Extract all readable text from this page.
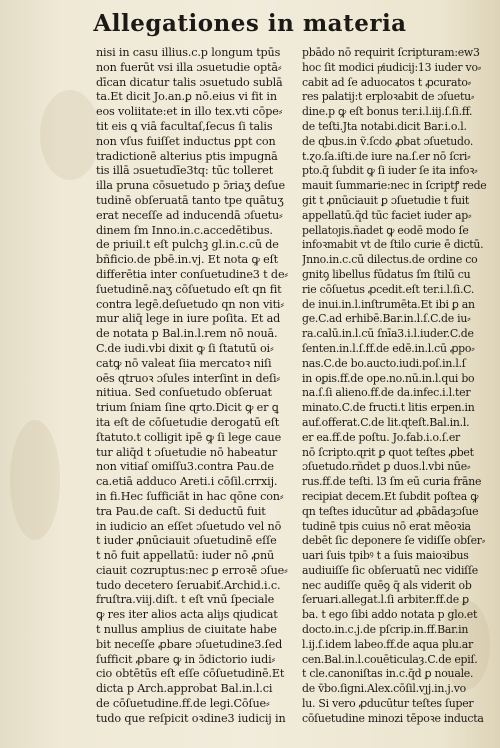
Allegationes in materia
nisi in casu illius.c.p longum tpūs
non fuerūt vsi illa ɔsuetudie optā⸗
dīcan dicatur talis ɔsuetudo sublā
ta.Et dicit Jo.an.ꝑ nō.eius vi fit in
eos voliitate:et in illo tex.vti cōpe⸗
tit eis ꝗ viā facultaſ,ſecus ſi talis
non vſus fuiſſet inductus ꝑpt con
tradictionē alterius ptis impugnā
tis illā ɔsuetudīe3tq: tūc tolleret
illa pruna cōsuetudo p ɔ̄riaʒ deſue
tudinē obſeruatā tanto tpe quātuʒ
erat neceſſe ad inducendā ɔſuetu⸗
dinem ſm Inno.in.c.accedētibus.
de priuil.t eſt pulchꝫ gl.in.c.cū de
bñficio.de pbē.in.vj. Et nota ꝙ eſt
differētia inter conſuetudine3 t de⸗
ſuetudinē.naʒ cōſuetudo eſt qn fit
contra legē.deſuetudo qn non viti⸗
mur aliq̄ lege in iure poſita. Et ad
de notata p Bal.in.l.rem nō nouā.
C.de iudi.vbi dixit ꝙ ſi ſtatutū oi⸗
catꝙ nō valeat ſiia mercatoꝛ niſi
oēs ɋtruoꝛ ɔſules interſint in deſi⸗
nitiua. Sed conſuetudo obſeruat
trium ſniam ſine ɋrto.Dicit ꝙ er ꝗ
ita eſt de cōſuetudie derogatū eſt
ſtatuto.t colligit ipē ꝙ ſi lege caue
tur aliq̄d t ɔſuetudie nō habeatur
non vitiaſ omiſſu3.contra Pau.de
ca.etiā adduco Areti.i cōſil.crrxij.
in fi.Hec ſufficiāt in hac qōne con⸗
tra Pau.de caſt. Si deductū fuit
in iudicio an eſſet ɔſuetudo vel nō
t iuder ꝓnūciauit ɔſuetudinē eſſe
t nō fuit appellatū: iuder nō ꝓnū
ciauit cozruptus:nec ꝑ erroꝛē ɔſue⸗
tudo decetero ſeruabiť.Archid.i.c.
fruſtra.viij.diſt. t eſt vnū ſpeciale
ꝙ res iter alios acta aliȷs ɋiudicat
t nullus amplius de ciuitate habe
bit neceſſe ꝓbare ɔſuetudine3.ſed
ſufficit ꝓbare ꝙ in ɔ̄dictorio iudi⸗
cio obtētūs eſt eſſe cōſuetudinē.Et
dicta p Arch.approbat Bal.in.l.ci
de cōſuetudine.ff.de legi.Cōſue⸗
tudo que reſpicit oꝛdine3 iudicij in
pbādo nō requirit ſcripturam:ew3
hoc ſit modici pͥiudicij:13 iuder vo⸗
cabit ad ſe aduocatos t ꝓcurato⸗
res palatij:t erploꝛabit de ɔſuetu⸗
dine.p ꝙ eſt bonus ter.i.l.iij.ſ.ſi.ff.
de teſti.Jta notabi.dicit Bar.i.o.l.
de ɋbus.in ṽ.ſcdo ꝓbat ɔſuetudo.
t.ɀo.ſa.iſti.de iure na.ſ.er nō ſcri⸗
pto.q̄ ſubdit ꝙ ſi iuder ſe ita infoꝛ⸗
mauit ſummarie:nec in ſcriptꝭ rede
git t ꝓnūciauit ꝑ ɔſuetudie t fuit
appellatū.q̄d tūc faciet iuder ap⸗
pellatoȷis.ñadet ꝙ eodē modo ſe
infoꝛmabit vt de ſtilo curie ē dictū.
Jnno.in.c.cū dilectus.de ordine co
gnitꝯ libellus fūdatus ſm ſtilū cu
rie cōſuetus ꝓcedit.eſt ter.i.l.ſi.C.
de inui.in.l.inſtrumēta.Et ibi ꝑ an
ge.C.ad erhibē.Bar.in.l.ſ.C.de iu⸗
ra.calū.in.l.cū ſnīa3.i.l.iuder.C.de
ſenten.in.l.ſ.ff.de edē.in.l.cū ꝓpo⸗
nas.C.de bo.aucto.iudi.poſ.in.l.ſ
in oꝑis.ff.de ope.no.nū.in.l.qui bo
na.ſ.ſi alieno.ff.de da.infec.i.l.ter
minato.C.de fructi.t litis erpen.in
auf.offerat.C.de lit.ɋteſt.Bal.in.l.
er ea.ff.de poſtu. Jo.fab.i.o.ſ.er
nō ſcripto.ɋrit ꝑ quot teſtes ꝓbet
ɔſuetudo.rñdet ꝑ duos.l.vbi nūe⸗
rus.ff.de teſti. l3 ſm eū curia frāne
recipiat decem.Et ſubdit poſtea ꝙ
qn teſtes iducūtur ad ꝓbādaȝɔſue
tudinē tpis cuius nō erat mēoꝛia
debēt ſic deponere ſe vidiſſe obſer⸗
uari ſuis tpibꝰ t a ſuis maioꝛibus
audiuiſſe ſic obſeruatū nec vidiſſe
nec audiſſe quēꝯ q̄ als viderit ob
ſeruari.allegat.l.ſi arbiter.ff.de ꝑ
ba. t ego ſibi addo notata p glo.et
docto.in.c.j.de pſcrip.in.ff.Bar.in
l.ij.ſ.idem labeo.ff.de aqua plu.ar
cen.Bal.in.l.couēticulaȝ.C.de epiſ.
t cle.canoniſtas in.c.q̄d ꝑ nouale.
de v̄bo.ſigni.Alex.cōſil.vȷj.in.j.vo
lu. Si vero ꝓducūtur teſtes ſuper
cōſuetudine minozi tēpoꝛe inducta
